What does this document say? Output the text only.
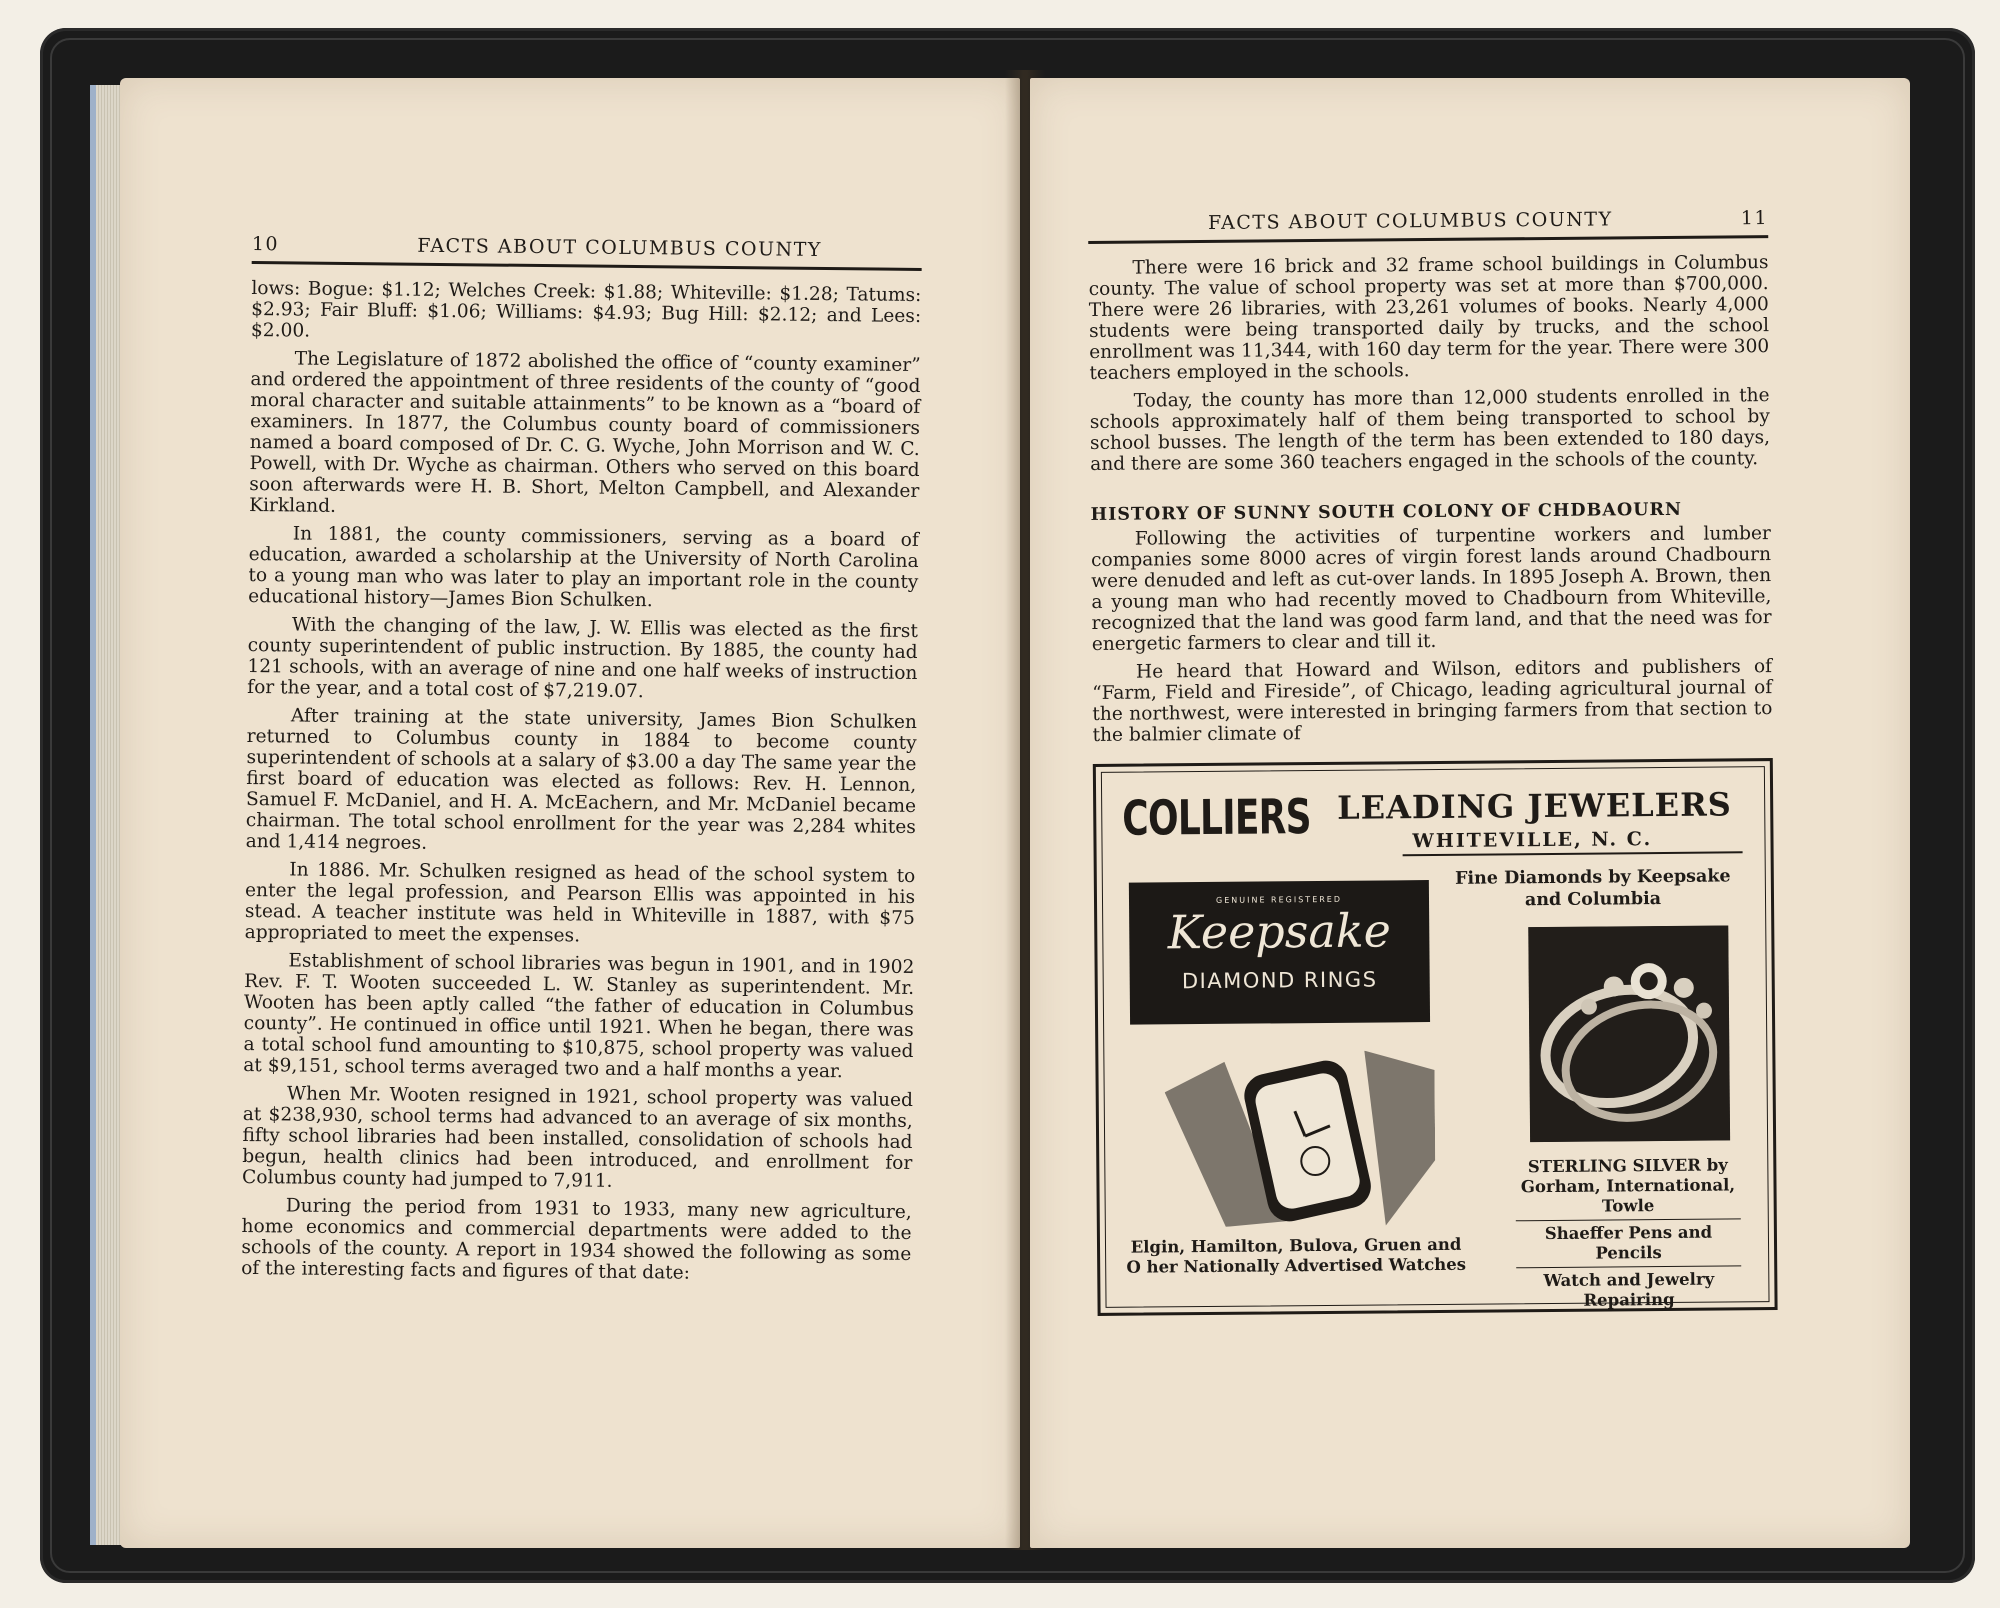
10	FACTS ABOUT COLUMBUS COUNTY

lows: Bogue: $1.12; Welches Creek: $1.88; Whiteville: $1.28; Tatums: $2.93; Fair Bluff: $1.06; Williams: $4.93; Bug Hill: $2.12; and Lees: $2.00.

The Legislature of 1872 abolished the office of “county examiner” and ordered the appointment of three residents of the county of “good moral character and suitable attainments” to be known as a “board of examiners. In 1877, the Columbus county board of commissioners named a board composed of Dr. C. G. Wyche, John Morrison and W. C. Powell, with Dr. Wyche as chairman. Others who served on this board soon afterwards were H. B. Short, Melton Campbell, and Alexander Kirkland.

In 1881, the county commissioners, serving as a board of education, awarded a scholarship at the University of North Carolina to a young man who was later to play an important role in the county educational history—James Bion Schulken.

With the changing of the law, J. W. Ellis was elected as the first county superintendent of public instruction. By 1885, the county had 121 schools, with an average of nine and one half weeks of instruction for the year, and a total cost of $7,219.07.

After training at the state university, James Bion Schulken returned to Columbus county in 1884 to become county superintendent of schools at a salary of $3.00 a day The same year the first board of education was elected as follows: Rev. H. Lennon, Samuel F. McDaniel, and H. A. McEachern, and Mr. McDaniel became chairman. The total school enrollment for the year was 2,284 whites and 1,414 negroes.

In 1886. Mr. Schulken resigned as head of the school system to enter the legal profession, and Pearson Ellis was appointed in his stead. A teacher institute was held in Whiteville in 1887, with $75 appropriated to meet the expenses.

Establishment of school libraries was begun in 1901, and in 1902 Rev. F. T. Wooten succeeded L. W. Stanley as superintendent. Mr. Wooten has been aptly called “the father of education in Columbus county”. He continued in office until 1921. When he began, there was a total school fund amounting to $10,875, school property was valued at $9,151, school terms averaged two and a half months a year.

When Mr. Wooten resigned in 1921, school property was valued at $238,930, school terms had advanced to an average of six months, fifty school libraries had been installed, consolidation of schools had begun, health clinics had been introduced, and enrollment for Columbus county had jumped to 7,911.

During the period from 1931 to 1933, many new agriculture, home economics and commercial departments were added to the schools of the county. A report in 1934 showed the following as some of the interesting facts and figures of that date:

FACTS ABOUT COLUMBUS COUNTY	11

There were 16 brick and 32 frame school buildings in Columbus county. The value of school property was set at more than $700,000. There were 26 libraries, with 23,261 volumes of books. Nearly 4,000 students were being transported daily by trucks, and the school enrollment was 11,344, with 160 day term for the year. There were 300 teachers employed in the schools.

Today, the county has more than 12,000 students enrolled in the schools approximately half of them being transported to school by school busses. The length of the term has been extended to 180 days, and there are some 360 teachers engaged in the schools of the county.

HISTORY OF SUNNY SOUTH COLONY OF CHDBAOURN

Following the activities of turpentine workers and lumber companies some 8000 acres of virgin forest lands around Chadbourn were denuded and left as cut-over lands. In 1895 Joseph A. Brown, then a young man who had recently moved to Chadbourn from Whiteville, recognized that the land was good farm land, and that the need was for energetic farmers to clear and till it.

He heard that Howard and Wilson, editors and publishers of “Farm, Field and Fireside”, of Chicago, leading agricultural journal of the northwest, were interested in bringing farmers from that section to the balmier climate of

COLLIERS LEADING JEWELERS
WHITEVILLE, N. C.
GENUINE REGISTERED
Keepsake
DIAMOND RINGS
Fine Diamonds by Keepsake and Columbia
Elgin, Hamilton, Bulova, Gruen and O her Nationally Advertised Watches
STERLING SILVER by Gorham, International, Towle
Shaeffer Pens and Pencils
Watch and Jewelry Repairing
